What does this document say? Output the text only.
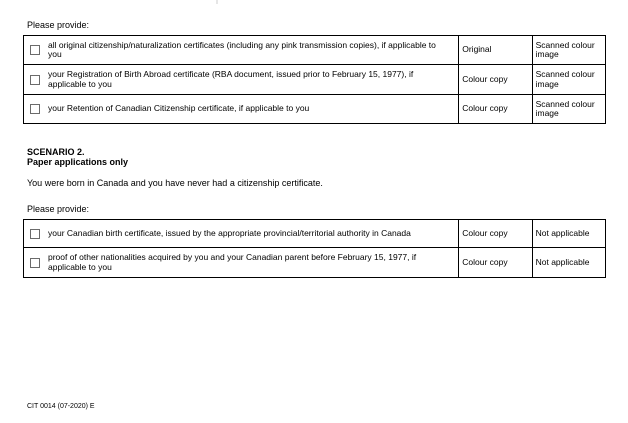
Please provide:
all original citizenship/naturalization certificates (including any pink transmission copies), if applicable to you	Original	Scanned colour image

your Registration of Birth Abroad certificate (RBA document, issued prior to February 15, 1977), if applicable to you	Colour copy	Scanned colour image

your Retention of Canadian Citizenship certificate, if applicable to you	Colour copy	Scanned colour image
SCENARIO 2.
Paper applications only
You were born in Canada and you have never had a citizenship certificate.
Please provide:
your Canadian birth certificate, issued by the appropriate provincial/territorial authority in Canada	Colour copy	Not applicable

proof of other nationalities acquired by you and your Canadian parent before February 15, 1977, if applicable to you	Colour copy	Not applicable
CIT 0014 (07-2020) E
